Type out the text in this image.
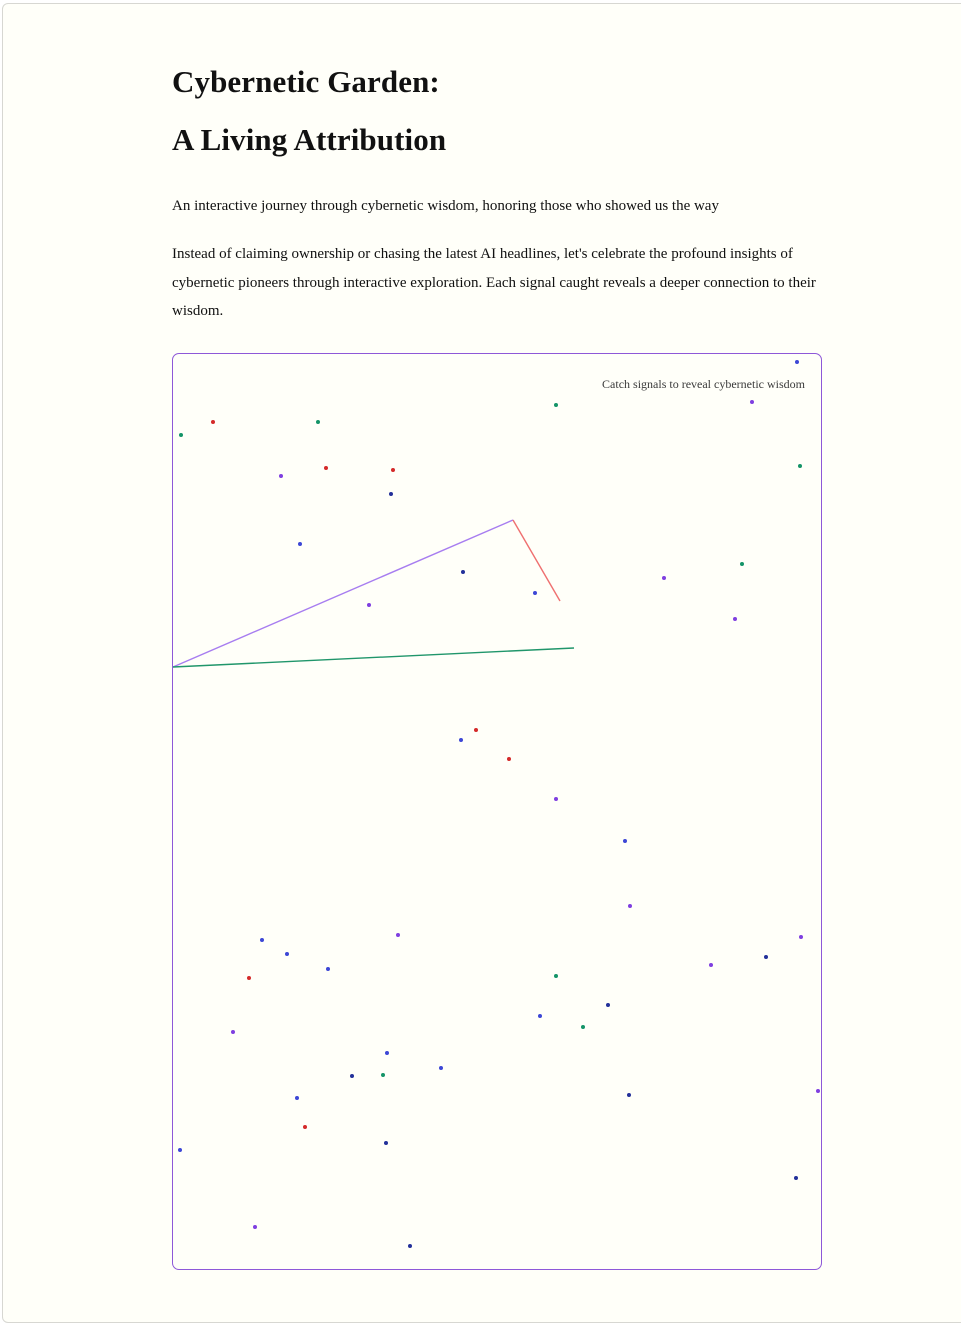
Cybernetic Garden:
A Living Attribution

An interactive journey through cybernetic wisdom, honoring those who showed us the way

Instead of claiming ownership or chasing the latest AI headlines, let's celebrate the profound insights of cybernetic pioneers through interactive exploration. Each signal caught reveals a deeper connection to their wisdom.

Catch signals to reveal cybernetic wisdom
